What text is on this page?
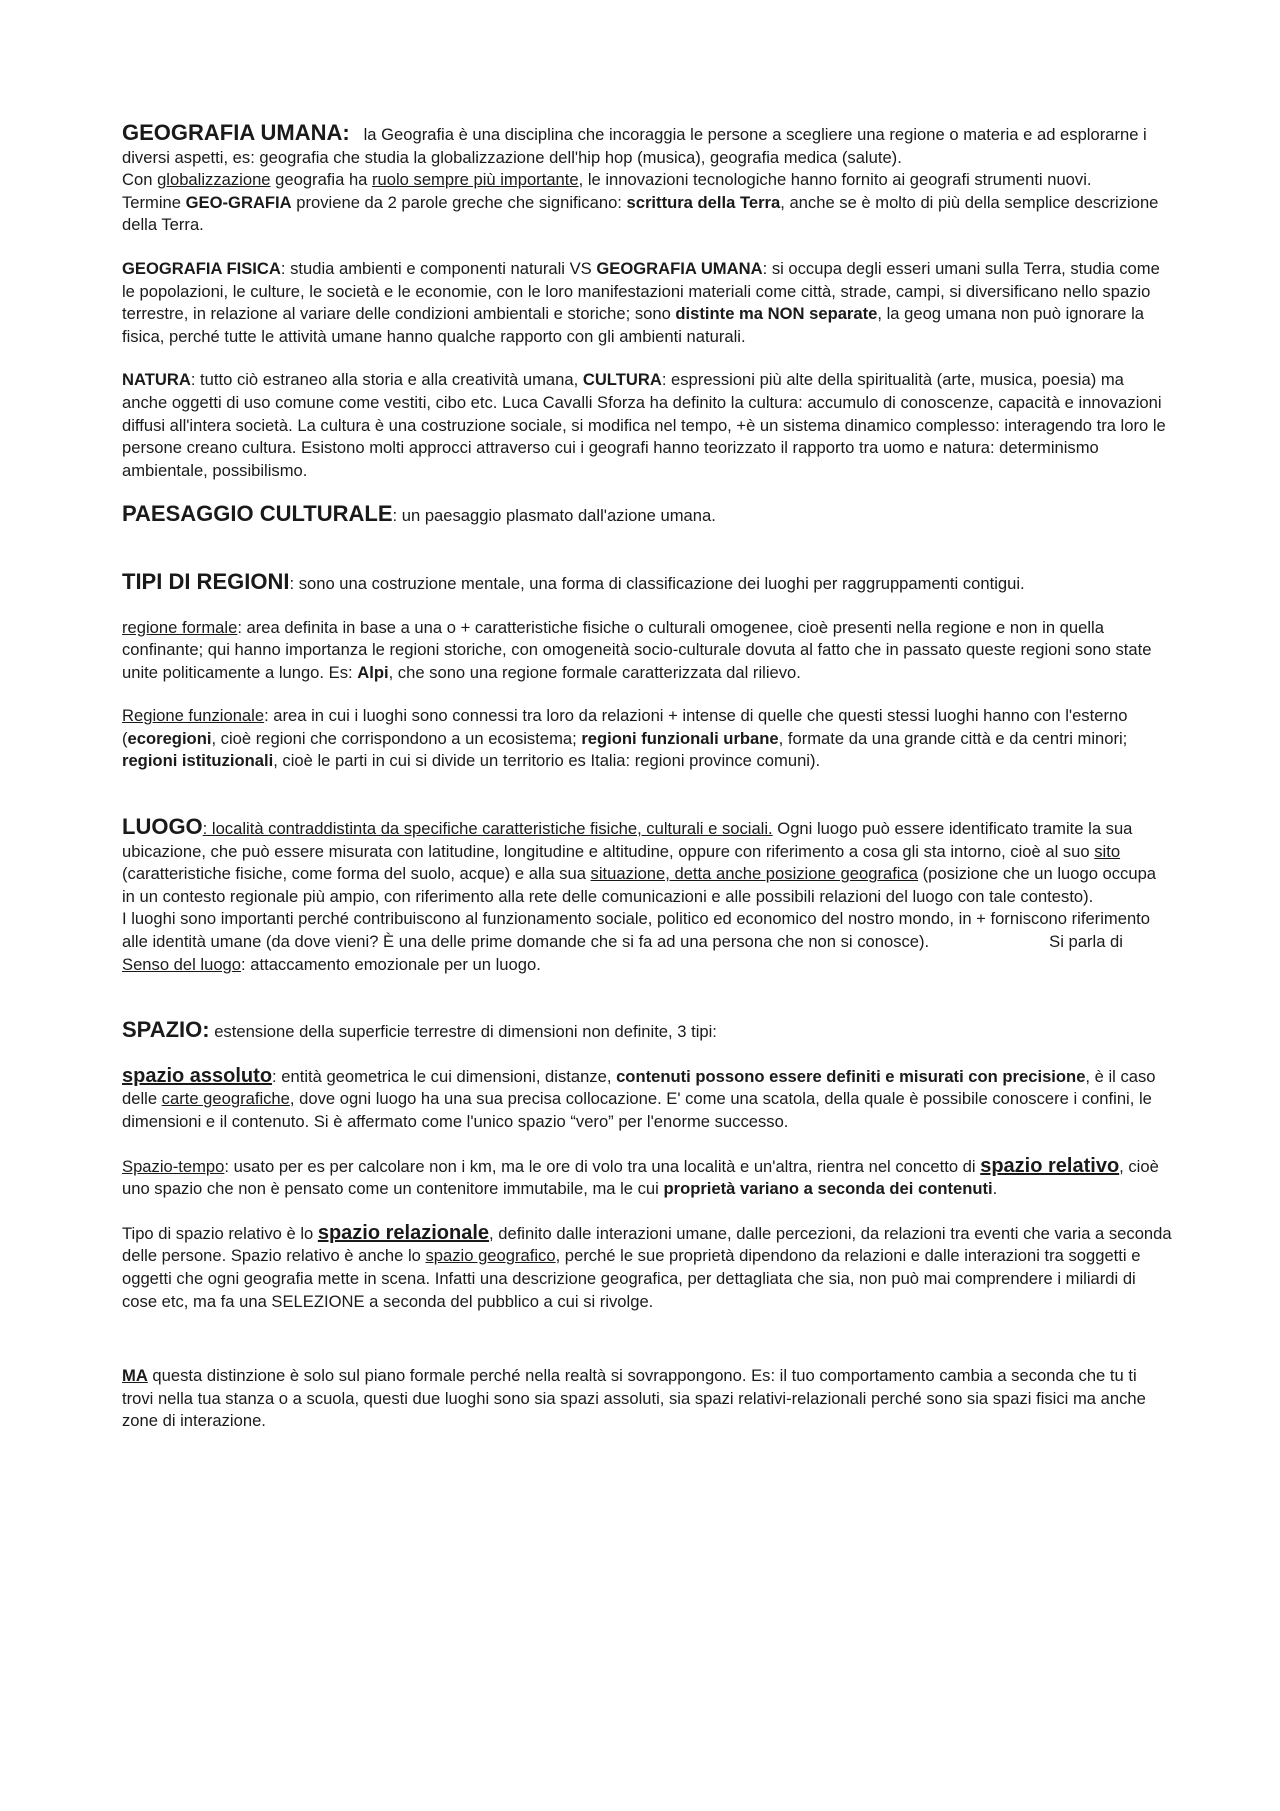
GEOGRAFIA UMANA: la Geografia è una disciplina che incoraggia le persone a scegliere una regione o materia e ad esplorarne i diversi aspetti, es: geografia che studia la globalizzazione dell'hip hop (musica), geografia medica (salute).
Con globalizzazione geografia ha ruolo sempre più importante, le innovazioni tecnologiche hanno fornito ai geografi strumenti nuovi.
Termine GEO-GRAFIA proviene da 2 parole greche che significano: scrittura della Terra, anche se è molto di più della semplice descrizione della Terra.

GEOGRAFIA FISICA: studia ambienti e componenti naturali VS GEOGRAFIA UMANA: si occupa degli esseri umani sulla Terra, studia come le popolazioni, le culture, le società e le economie, con le loro manifestazioni materiali come città, strade, campi, si diversificano nello spazio terrestre, in relazione al variare delle condizioni ambientali e storiche; sono distinte ma NON separate, la geog umana non può ignorare la fisica, perché tutte le attività umane hanno qualche rapporto con gli ambienti naturali.

NATURA: tutto ciò estraneo alla storia e alla creatività umana, CULTURA: espressioni più alte della spiritualità (arte, musica, poesia) ma anche oggetti di uso comune come vestiti, cibo etc. Luca Cavalli Sforza ha definito la cultura: accumulo di conoscenze, capacità e innovazioni diffusi all'intera società. La cultura è una costruzione sociale, si modifica nel tempo, +è un sistema dinamico complesso: interagendo tra loro le persone creano cultura. Esistono molti approcci attraverso cui i geografi hanno teorizzato il rapporto tra uomo e natura: determinismo ambientale, possibilismo.

PAESAGGIO CULTURALE: un paesaggio plasmato dall'azione umana.

TIPI DI REGIONI: sono una costruzione mentale, una forma di classificazione dei luoghi per raggruppamenti contigui.

regione formale: area definita in base a una o + caratteristiche fisiche o culturali omogenee, cioè presenti nella regione e non in quella confinante; qui hanno importanza le regioni storiche, con omogeneità socio-culturale dovuta al fatto che in passato queste regioni sono state unite politicamente a lungo. Es: Alpi, che sono una regione formale caratterizzata dal rilievo.

Regione funzionale: area in cui i luoghi sono connessi tra loro da relazioni + intense di quelle che questi stessi luoghi hanno con l'esterno (ecoregioni, cioè regioni che corrispondono a un ecosistema; regioni funzionali urbane, formate da una grande città e da centri minori; regioni istituzionali, cioè le parti in cui si divide un territorio es Italia: regioni province comuni).

LUOGO: località contraddistinta da specifiche caratteristiche fisiche, culturali e sociali. Ogni luogo può essere identificato tramite la sua ubicazione, che può essere misurata con latitudine, longitudine e altitudine, oppure con riferimento a cosa gli sta intorno, cioè al suo sito (caratteristiche fisiche, come forma del suolo, acque) e alla sua situazione, detta anche posizione geografica (posizione che un luogo occupa in un contesto regionale più ampio, con riferimento alla rete delle comunicazioni e alle possibili relazioni del luogo con tale contesto).
I luoghi sono importanti perché contribuiscono al funzionamento sociale, politico ed economico del nostro mondo, in + forniscono riferimento alle identità umane (da dove vieni? È una delle prime domande che si fa ad una persona che non si conosce).	Si parla di Senso del luogo: attaccamento emozionale per un luogo.

SPAZIO: estensione della superficie terrestre di dimensioni non definite, 3 tipi:

spazio assoluto: entità geometrica le cui dimensioni, distanze, contenuti possono essere definiti e misurati con precisione, è il caso delle carte geografiche, dove ogni luogo ha una sua precisa collocazione. E' come una scatola, della quale è possibile conoscere i confini, le dimensioni e il contenuto. Si è affermato come l'unico spazio “vero” per l'enorme successo.

Spazio-tempo: usato per es per calcolare non i km, ma le ore di volo tra una località e un'altra, rientra nel concetto di spazio relativo, cioè uno spazio che non è pensato come un contenitore immutabile, ma le cui proprietà variano a seconda dei contenuti.

Tipo di spazio relativo è lo spazio relazionale, definito dalle interazioni umane, dalle percezioni, da relazioni tra eventi che varia a seconda delle persone. Spazio relativo è anche lo spazio geografico, perché le sue proprietà dipendono da relazioni e dalle interazioni tra soggetti e oggetti che ogni geografia mette in scena. Infatti una descrizione geografica, per dettagliata che sia, non può mai comprendere i miliardi di cose etc, ma fa una SELEZIONE a seconda del pubblico a cui si rivolge.

MA questa distinzione è solo sul piano formale perché nella realtà si sovrappongono. Es: il tuo comportamento cambia a seconda che tu ti trovi nella tua stanza o a scuola, questi due luoghi sono sia spazi assoluti, sia spazi relativi-relazionali perché sono sia spazi fisici ma anche zone di interazione.
